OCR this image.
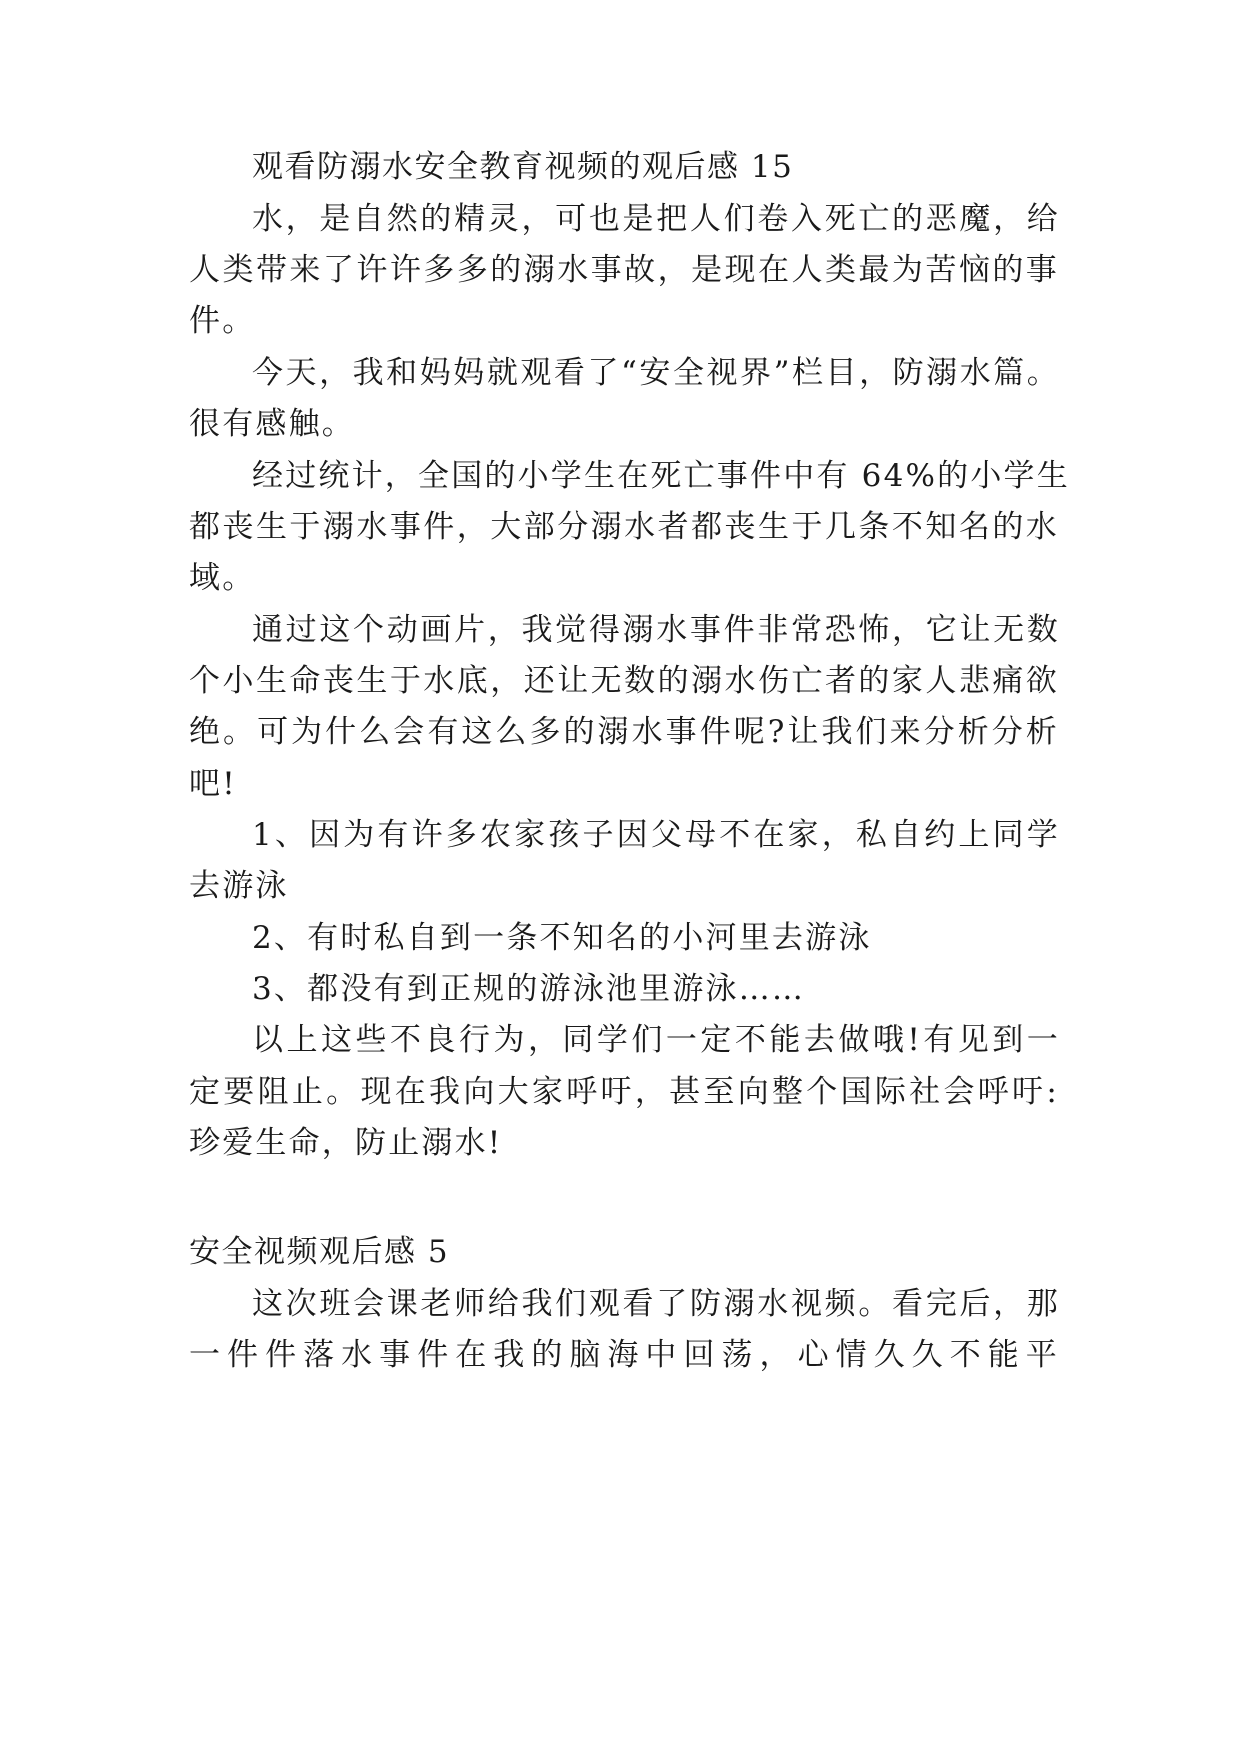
观看防溺水安全教育视频的观后感 15
水，是自然的精灵，可也是把人们卷入死亡的恶魔，给
人类带来了许许多多的溺水事故，是现在人类最为苦恼的事
件。
今天，我和妈妈就观看了“安全视界”栏目，防溺水篇。
很有感触。
经过统计，全国的小学生在死亡事件中有 64%的小学生
都丧生于溺水事件，大部分溺水者都丧生于几条不知名的水
域。
通过这个动画片，我觉得溺水事件非常恐怖，它让无数
个小生命丧生于水底，还让无数的溺水伤亡者的家人悲痛欲
绝。可为什么会有这么多的溺水事件呢?让我们来分析分析
吧!
1、因为有许多农家孩子因父母不在家，私自约上同学
去游泳
2、有时私自到一条不知名的小河里去游泳
3、都没有到正规的游泳池里游泳……
以上这些不良行为，同学们一定不能去做哦!有见到一
定要阻止。现在我向大家呼吁，甚至向整个国际社会呼吁:
珍爱生命，防止溺水!
安全视频观后感 5
这次班会课老师给我们观看了防溺水视频。看完后，那
一件件落水事件在我的脑海中回荡，心情久久不能平
